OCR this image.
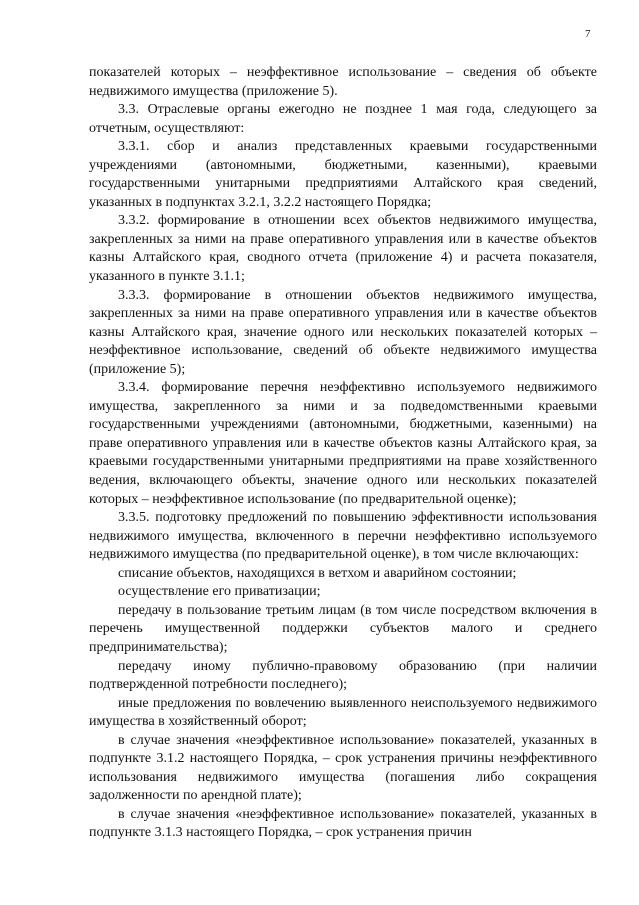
7

показателей которых – неэффективное использование – сведения об объекте недвижимого имущества (приложение 5).

3.3. Отраслевые органы ежегодно не позднее 1 мая года, следующего за отчетным, осуществляют:

3.3.1. сбор и анализ представленных краевыми государственными учреждениями (автономными, бюджетными, казенными), краевыми государственными унитарными предприятиями Алтайского края сведений, указанных в подпунктах 3.2.1, 3.2.2 настоящего Порядка;

3.3.2. формирование в отношении всех объектов недвижимого имущества, закрепленных за ними на праве оперативного управления или в качестве объектов казны Алтайского края, сводного отчета (приложение 4) и расчета показателя, указанного в пункте 3.1.1;

3.3.3. формирование в отношении объектов недвижимого имущества, закрепленных за ними на праве оперативного управления или в качестве объектов казны Алтайского края, значение одного или нескольких показателей которых – неэффективное использование, сведений об объекте недвижимого имущества (приложение 5);

3.3.4. формирование перечня неэффективно используемого недвижимого имущества, закрепленного за ними и за подведомственными краевыми государственными учреждениями (автономными, бюджетными, казенными) на праве оперативного управления или в качестве объектов казны Алтайского края, за краевыми государственными унитарными предприятиями на праве хозяйственного ведения, включающего объекты, значение одного или нескольких показателей которых – неэффективное использование (по предварительной оценке);

3.3.5. подготовку предложений по повышению эффективности использования недвижимого имущества, включенного в перечни неэффективно используемого недвижимого имущества (по предварительной оценке), в том числе включающих:

списание объектов, находящихся в ветхом и аварийном состоянии;

осуществление его приватизации;

передачу в пользование третьим лицам (в том числе посредством включения в перечень имущественной поддержки субъектов малого и среднего предпринимательства);

передачу иному публично-правовому образованию (при наличии подтвержденной потребности последнего);

иные предложения по вовлечению выявленного неиспользуемого недвижимого имущества в хозяйственный оборот;

в случае значения «неэффективное использование» показателей, указанных в подпункте 3.1.2 настоящего Порядка, – срок устранения причины неэффективного использования недвижимого имущества (погашения либо сокращения задолженности по арендной плате);

в случае значения «неэффективное использование» показателей, указанных в подпункте 3.1.3 настоящего Порядка, – срок устранения причин
